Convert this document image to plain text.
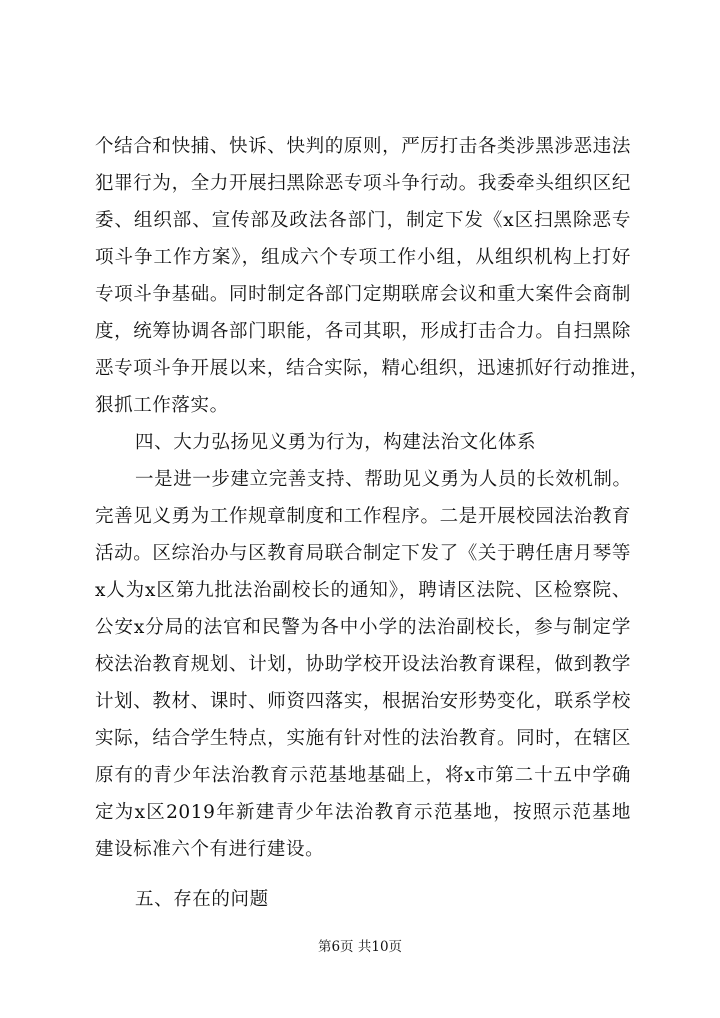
个结合和快捕、快诉、快判的原则，严厉打击各类涉黑涉恶违法
犯罪行为，全力开展扫黑除恶专项斗争行动。我委牵头组织区纪
委、组织部、宣传部及政法各部门，制定下发《x区扫黑除恶专
项斗争工作方案》，组成六个专项工作小组，从组织机构上打好
专项斗争基础。同时制定各部门定期联席会议和重大案件会商制
度，统筹协调各部门职能，各司其职，形成打击合力。自扫黑除
恶专项斗争开展以来，结合实际，精心组织，迅速抓好行动推进，
狠抓工作落实。
四、大力弘扬见义勇为行为，构建法治文化体系
一是进一步建立完善支持、帮助见义勇为人员的长效机制。
完善见义勇为工作规章制度和工作程序。二是开展校园法治教育
活动。区综治办与区教育局联合制定下发了《关于聘任唐月琴等
x人为x区第九批法治副校长的通知》，聘请区法院、区检察院、
公安x分局的法官和民警为各中小学的法治副校长，参与制定学
校法治教育规划、计划，协助学校开设法治教育课程，做到教学
计划、教材、课时、师资四落实，根据治安形势变化，联系学校
实际，结合学生特点，实施有针对性的法治教育。同时，在辖区
原有的青少年法治教育示范基地基础上，将x市第二十五中学确
定为x区2019年新建青少年法治教育示范基地，按照示范基地
建设标准六个有进行建设。
五、存在的问题
第6页 共10页
